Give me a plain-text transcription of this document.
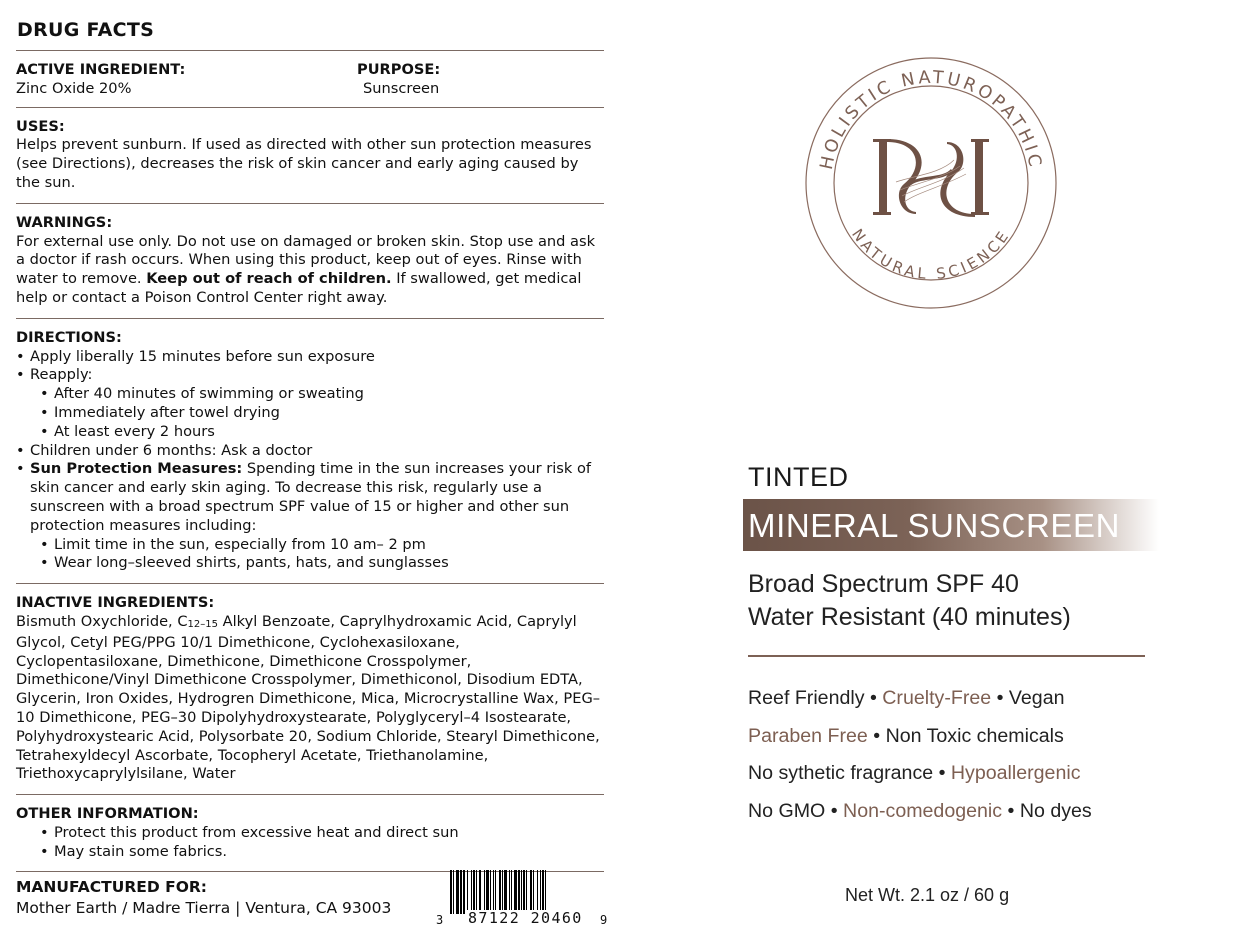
DRUG FACTS
ACTIVE INGREDIENT:
Zinc Oxide 20%
PURPOSE:
Sunscreen
USES:
Helps prevent sunburn. If used as directed with other sun protection measures (see Directions), decreases the risk of skin cancer and early aging caused by the sun.
WARNINGS:
For external use only. Do not use on damaged or broken skin. Stop use and ask a doctor if rash occurs. When using this product, keep out of eyes. Rinse with water to remove. Keep out of reach of children. If swallowed, get medical help or contact a Poison Control Center right away.
DIRECTIONS:
• Apply liberally 15 minutes before sun exposure
• Reapply:
• After 40 minutes of swimming or sweating
• Immediately after towel drying
• At least every 2 hours
• Children under 6 months: Ask a doctor
• Sun Protection Measures: Spending time in the sun increases your risk of skin cancer and early skin aging. To decrease this risk, regularly use a sunscreen with a broad spectrum SPF value of 15 or higher and other sun protection measures including:
• Limit time in the sun, especially from 10 am– 2 pm
• Wear long–sleeved shirts, pants, hats, and sunglasses
INACTIVE INGREDIENTS:
Bismuth Oxychloride, $C_{12-15}$ Alkyl Benzoate, Caprylhydroxamic Acid, Caprylyl Glycol, Cetyl PEG/PPG 10/1 Dimethicone, Cyclohexasiloxane, Cyclopentasiloxane, Dimethicone, Dimethicone Crosspolymer, Dimethicone/Vinyl Dimethicone Crosspolymer, Dimethiconol, Disodium EDTA, Glycerin, Iron Oxides, Hydrogren Dimethicone, Mica, Microcrystalline Wax, PEG–10 Dimethicone, PEG–30 Dipolyhydroxystearate, Polyglyceryl–4 Isostearate, Polyhydroxystearic Acid, Polysorbate 20, Sodium Chloride, Stearyl Dimethicone, Tetrahexyldecyl Ascorbate, Tocopheryl Acetate, Triethanolamine, Triethoxycaprylylsilane, Water
OTHER INFORMATION:
• Protect this product from excessive heat and direct sun
• May stain some fabrics.
MANUFACTURED FOR:
Mother Earth / Madre Tierra | Ventura, CA 93003
3 87122 20460 9
HOLISTIC NATUROPATHIC
NATURAL SCIENCE
TINTED
MINERAL SUNSCREEN
Broad Spectrum SPF 40
Water Resistant (40 minutes)
Reef Friendly • Cruelty-Free • Vegan
Paraben Free • Non Toxic chemicals
No sythetic fragrance • Hypoallergenic
No GMO • Non-comedogenic • No dyes
Net Wt. 2.1 oz / 60 g
